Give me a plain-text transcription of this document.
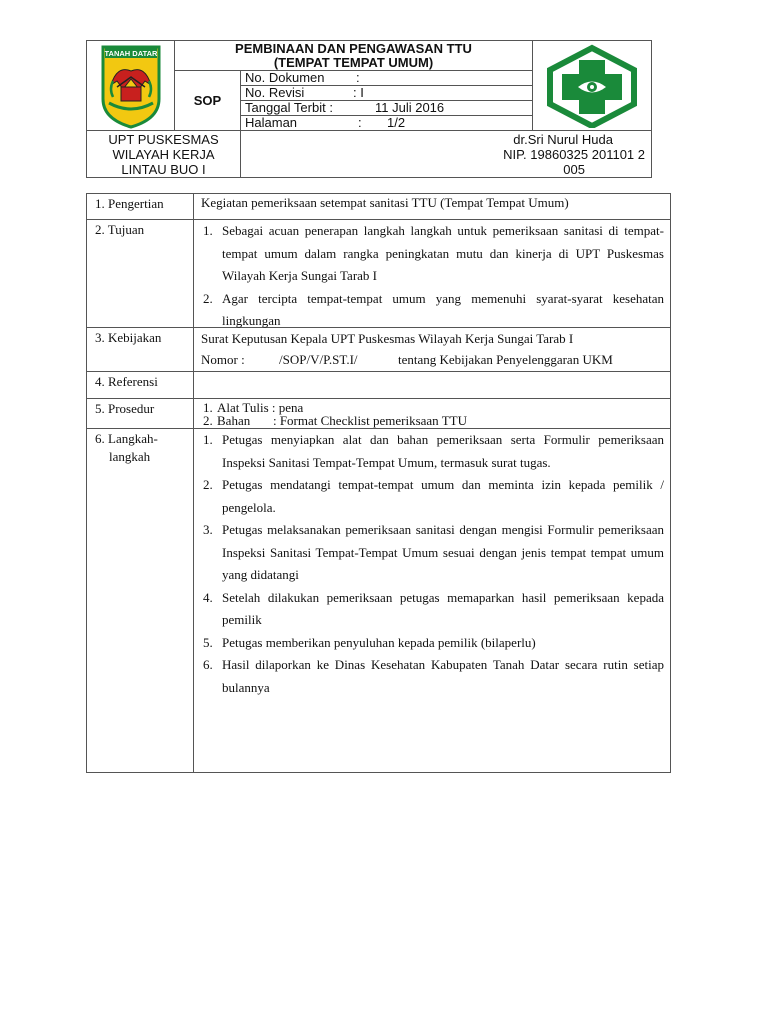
TANAH DATAR	PEMBINAAN DAN PENGAWASAN TTU
(TEMPAT TEMPAT UMUM)
SOP
No. Dokumen :
No. Revisi	: I
Tanggal Terbit :	11 Juli 2016
Halaman	: 1/2
UPT PUSKESMAS
WILAYAH KERJA
LINTAU BUO I
dr.Sri Nurul Huda
NIP. 19860325 201101 2
005
1. Pengertian	Kegiatan pemeriksaan setempat sanitasi TTU (Tempat Tempat Umum)
2. Tujuan	1. Sebagai acuan penerapan langkah langkah untuk pemeriksaan sanitasi di tempat-tempat umum dalam rangka peningkatan mutu dan kinerja di UPT Puskesmas Wilayah Kerja Sungai Tarab I
2. Agar tercipta tempat-tempat umum yang memenuhi syarat-syarat kesehatan lingkungan
3. Kebijakan	Surat Keputusan Kepala UPT Puskesmas Wilayah Kerja Sungai Tarab I
Nomor :	/SOP/V/P.ST.I/	tentang Kebijakan Penyelenggaran UKM
4. Referensi
5. Prosedur	1. Alat Tulis : pena
2. Bahan       : Format Checklist pemeriksaan TTU
6. Langkah-
langkah
1. Petugas menyiapkan alat dan bahan pemeriksaan serta Formulir pemeriksaan Inspeksi Sanitasi Tempat-Tempat Umum, termasuk surat tugas.
2. Petugas mendatangi tempat-tempat umum dan meminta izin kepada pemilik / pengelola.
3. Petugas melaksanakan pemeriksaan sanitasi dengan mengisi Formulir pemeriksaan Inspeksi Sanitasi Tempat-Tempat Umum sesuai dengan jenis tempat tempat umum yang didatangi
4. Setelah dilakukan pemeriksaan petugas memaparkan hasil pemeriksaan kepada pemilik
5. Petugas memberikan penyuluhan kepada pemilik (bilaperlu)
6. Hasil dilaporkan ke Dinas Kesehatan Kabupaten Tanah Datar secara rutin setiap bulannya
